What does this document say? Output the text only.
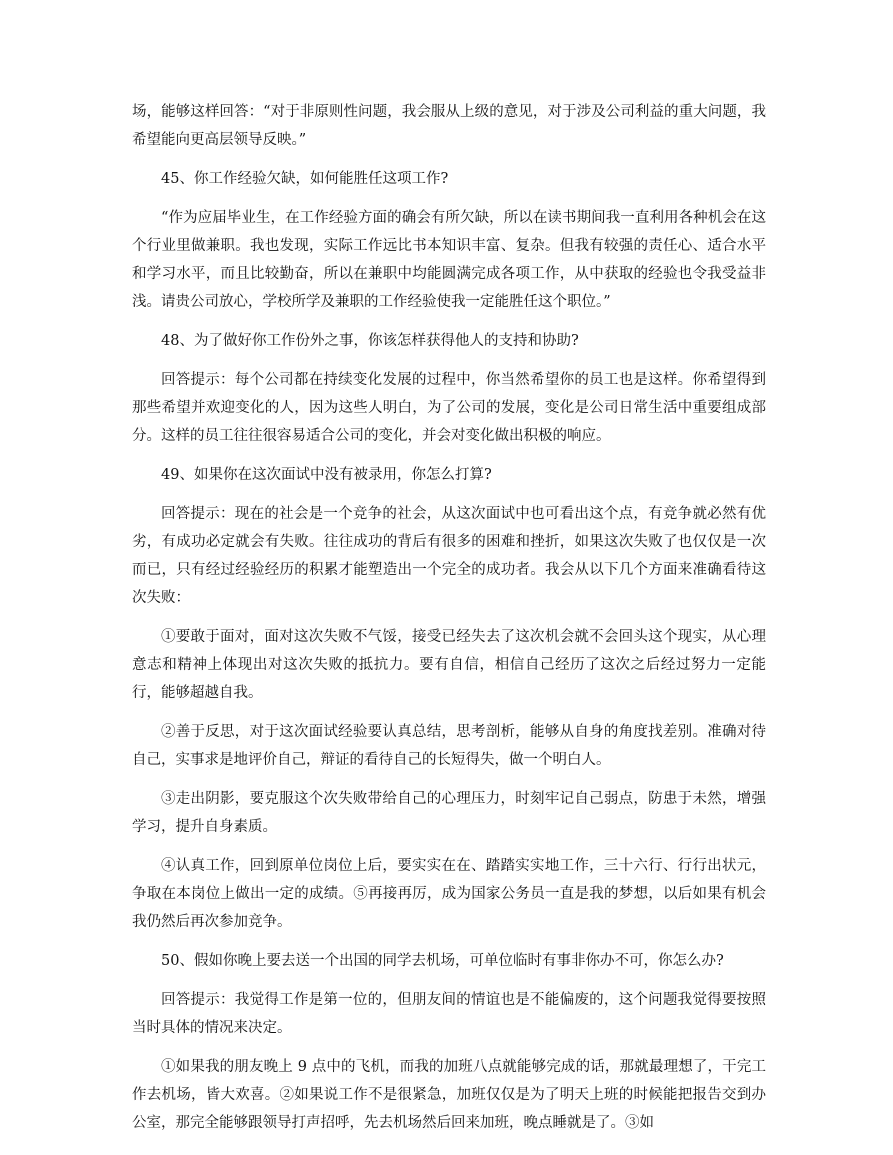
场，能够这样回答：“对于非原则性问题，我会服从上级的意见，对于涉及公司利益的重大问题，我希望能向更高层领导反映。”

45、你工作经验欠缺，如何能胜任这项工作?

“作为应届毕业生，在工作经验方面的确会有所欠缺，所以在读书期间我一直利用各种机会在这个行业里做兼职。我也发现，实际工作远比书本知识丰富、复杂。但我有较强的责任心、适合水平和学习水平，而且比较勤奋，所以在兼职中均能圆满完成各项工作，从中获取的经验也令我受益非浅。请贵公司放心，学校所学及兼职的工作经验使我一定能胜任这个职位。”

48、为了做好你工作份外之事，你该怎样获得他人的支持和协助?

回答提示：每个公司都在持续变化发展的过程中，你当然希望你的员工也是这样。你希望得到那些希望并欢迎变化的人，因为这些人明白，为了公司的发展，变化是公司日常生活中重要组成部分。这样的员工往往很容易适合公司的变化，并会对变化做出积极的响应。

49、如果你在这次面试中没有被录用，你怎么打算?

回答提示：现在的社会是一个竞争的社会，从这次面试中也可看出这个点，有竞争就必然有优劣，有成功必定就会有失败。往往成功的背后有很多的困难和挫折，如果这次失败了也仅仅是一次而已，只有经过经验经历的积累才能塑造出一个完全的成功者。我会从以下几个方面来准确看待这次失败：

①要敢于面对，面对这次失败不气馁，接受已经失去了这次机会就不会回头这个现实，从心理意志和精神上体现出对这次失败的抵抗力。要有自信，相信自己经历了这次之后经过努力一定能行，能够超越自我。

②善于反思，对于这次面试经验要认真总结，思考剖析，能够从自身的角度找差别。准确对待自己，实事求是地评价自己，辩证的看待自己的长短得失，做一个明白人。

③走出阴影，要克服这个次失败带给自己的心理压力，时刻牢记自己弱点，防患于未然，增强学习，提升自身素质。

④认真工作，回到原单位岗位上后，要实实在在、踏踏实实地工作，三十六行、行行出状元，争取在本岗位上做出一定的成绩。⑤再接再厉，成为国家公务员一直是我的梦想，以后如果有机会我仍然后再次参加竞争。

50、假如你晚上要去送一个出国的同学去机场，可单位临时有事非你办不可，你怎么办?

回答提示：我觉得工作是第一位的，但朋友间的情谊也是不能偏废的，这个问题我觉得要按照当时具体的情况来决定。

①如果我的朋友晚上 9 点中的飞机，而我的加班八点就能够完成的话，那就最理想了，干完工作去机场，皆大欢喜。②如果说工作不是很紧急，加班仅仅是为了明天上班的时候能把报告交到办公室，那完全能够跟领导打声招呼，先去机场然后回来加班，晚点睡就是了。③如
